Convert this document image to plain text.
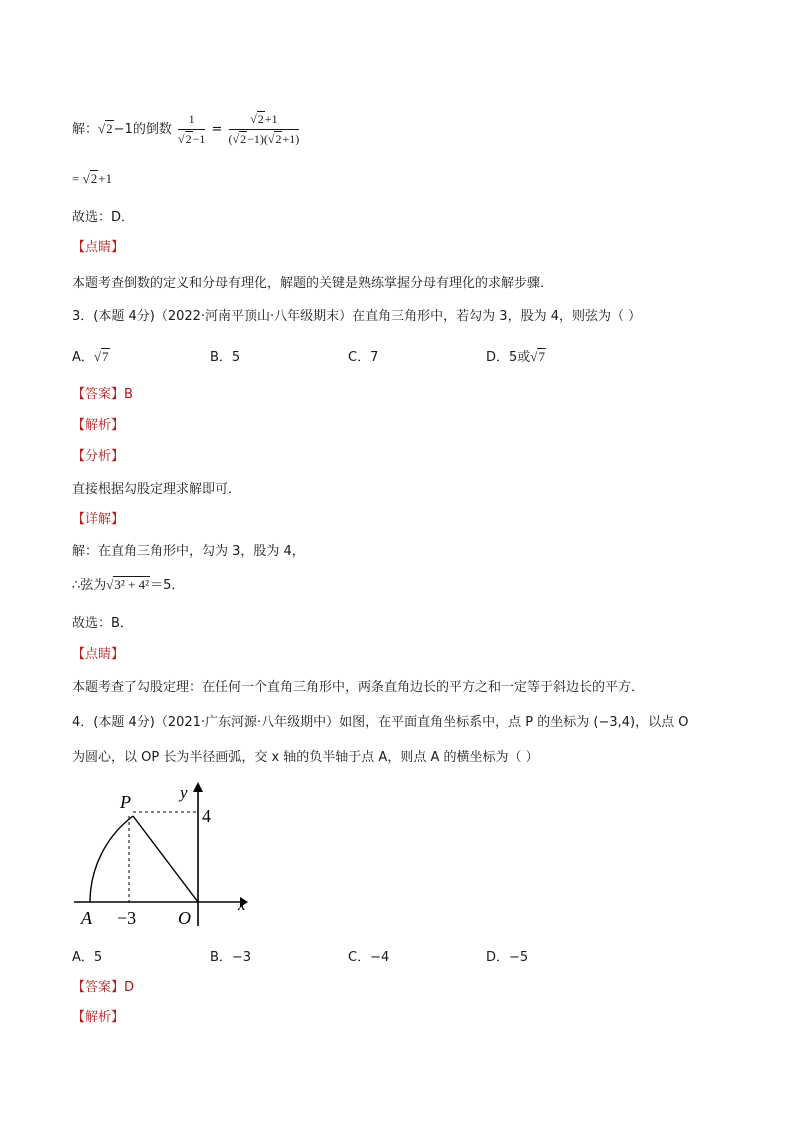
解：√2−1的倒数 $\frac{1}{√2-1} = \frac{√2+1}{(√2-1)(√2+1)}$
= √2+1
故选：D．
【点睛】
本题考查倒数的定义和分母有理化，解题的关键是熟练掌握分母有理化的求解步骤．
3．(本题 4分)（2022·河南平顶山·八年级期末）在直角三角形中，若勾为 3，股为 4，则弦为（ ）
A．√7	B．5	C．7	D．5或√7
【答案】B
【解析】
【分析】
直接根据勾股定理求解即可．
【详解】
解：在直角三角形中，勾为 3，股为 4，
∴弦为√3² + 4²＝5．
故选：B．
【点睛】
本题考查了勾股定理：在任何一个直角三角形中，两条直角边长的平方之和一定等于斜边长的平方．
4．(本题 4分)（2021·广东河源·八年级期中）如图，在平面直角坐标系中，点 P 的坐标为 (−3,4)，以点 O
为圆心，以 OP 长为半径画弧，交 x 轴的负半轴于点 A，则点 A 的横坐标为（ ）
P	y
4
A −3 O
x
A．5	B．−3	C．−4	D．−5
【答案】D
【解析】
